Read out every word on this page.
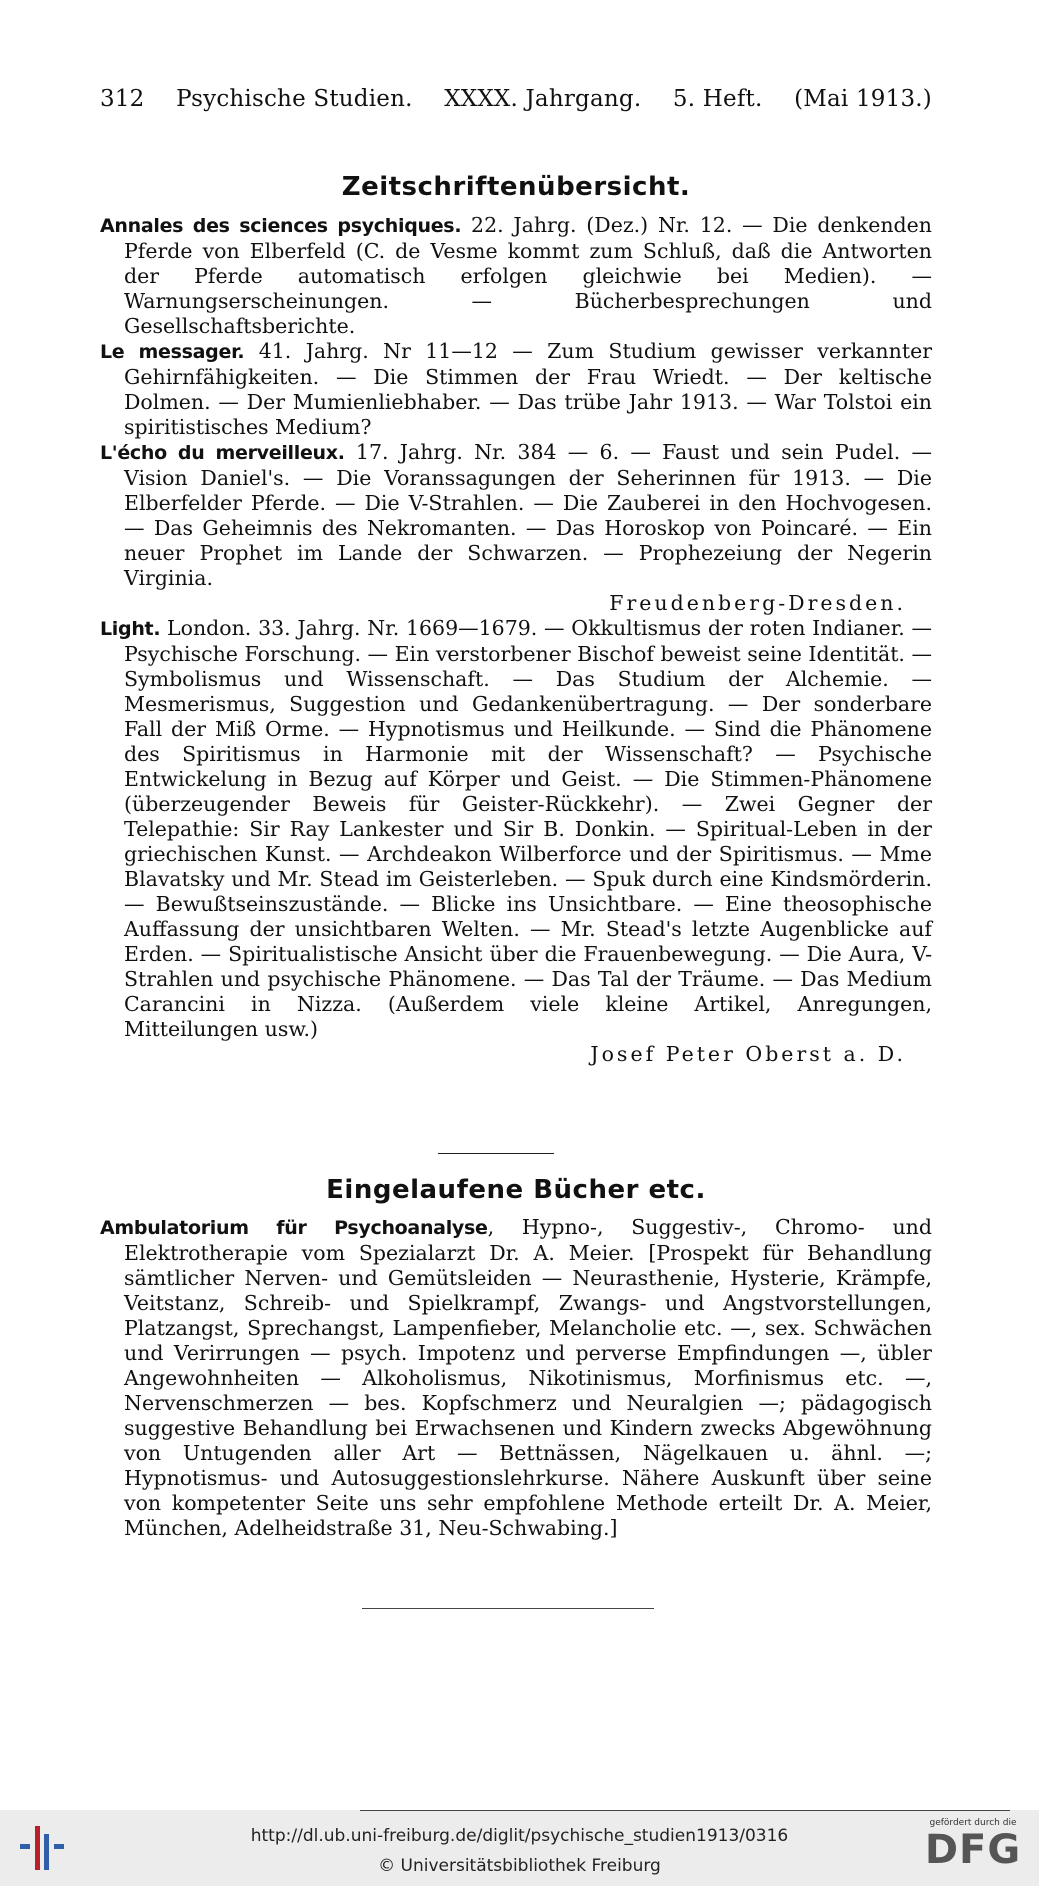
312 Psychische Studien. XXXX. Jahrgang. 5. Heft. (Mai 1913.)
Zeitschriftenübersicht.

Annales des sciences psychiques. 22. Jahrg. (Dez.) Nr. 12. — Die denkenden Pferde von Elberfeld (C. de Vesme kommt zum Schluß, daß die Antworten der Pferde automatisch erfolgen gleichwie bei Medien). — Warnungserscheinungen. — Bücherbesprechungen und Gesellschaftsberichte.

Le messager. 41. Jahrg. Nr 11—12 — Zum Studium gewisser verkannter Gehirnfähigkeiten. — Die Stimmen der Frau Wriedt. — Der keltische Dolmen. — Der Mumienliebhaber. — Das trübe Jahr 1913. — War Tolstoi ein spiritistisches Medium?

L'écho du merveilleux. 17. Jahrg. Nr. 384 — 6. — Faust und sein Pudel. — Vision Daniel's. — Die Voranssagungen der Seherinnen für 1913. — Die Elberfelder Pferde. — Die V-Strahlen. — Die Zauberei in den Hochvogesen. — Das Geheimnis des Nekromanten. — Das Horoskop von Poincaré. — Ein neuer Prophet im Lande der Schwarzen. — Prophezeiung der Negerin Virginia.

Freudenberg-Dresden.

Light. London. 33. Jahrg. Nr. 1669—1679. — Okkultismus der roten Indianer. — Psychische Forschung. — Ein verstorbener Bischof beweist seine Identität. — Symbolismus und Wissenschaft. — Das Studium der Alchemie. — Mesmerismus, Suggestion und Gedankenübertragung. — Der sonderbare Fall der Miß Orme. — Hypnotismus und Heilkunde. — Sind die Phänomene des Spiritismus in Harmonie mit der Wissenschaft? — Psychische Entwickelung in Bezug auf Körper und Geist. — Die Stimmen-Phänomene (überzeugender Beweis für Geister-Rückkehr). — Zwei Gegner der Telepathie: Sir Ray Lankester und Sir B. Donkin. — Spiritual-Leben in der griechischen Kunst. — Archdeakon Wilberforce und der Spiritismus. — Mme Blavatsky und Mr. Stead im Geisterleben. — Spuk durch eine Kindsmörderin. — Bewußtseinszustände. — Blicke ins Unsichtbare. — Eine theosophische Auffassung der unsichtbaren Welten. — Mr. Stead's letzte Augenblicke auf Erden. — Spiritualistische Ansicht über die Frauenbewegung. — Die Aura, V-Strahlen und psychische Phänomene. — Das Tal der Träume. — Das Medium Carancini in Nizza. (Außerdem viele kleine Artikel, Anregungen, Mitteilungen usw.)

Josef Peter Oberst a. D.

Eingelaufene Bücher etc.

Ambulatorium für Psychoanalyse, Hypno-, Suggestiv-, Chromo- und Elektrotherapie vom Spezialarzt Dr. A. Meier. [Prospekt für Behandlung sämtlicher Nerven- und Gemütsleiden — Neurasthenie, Hysterie, Krämpfe, Veitstanz, Schreib- und Spielkrampf, Zwangs- und Angstvorstellungen, Platzangst, Sprechangst, Lampenfieber, Melancholie etc. —, sex. Schwächen und Verirrungen — psych. Impotenz und perverse Empfindungen —, übler Angewohnheiten — Alkoholismus, Nikotinismus, Morfinismus etc. —, Nervenschmerzen — bes. Kopfschmerz und Neuralgien —; pädagogisch suggestive Behandlung bei Erwachsenen und Kindern zwecks Abgewöhnung von Untugenden aller Art — Bettnässen, Nägelkauen u. ähnl. —; Hypnotismus- und Autosuggestionslehrkurse. Nähere Auskunft über seine von kompetenter Seite uns sehr empfohlene Methode erteilt Dr. A. Meier, München, Adelheidstraße 31, Neu-Schwabing.]

http://dl.ub.uni-freiburg.de/diglit/psychische_studien1913/0316
© Universitätsbibliothek Freiburg
gefördert durch die
DFG
